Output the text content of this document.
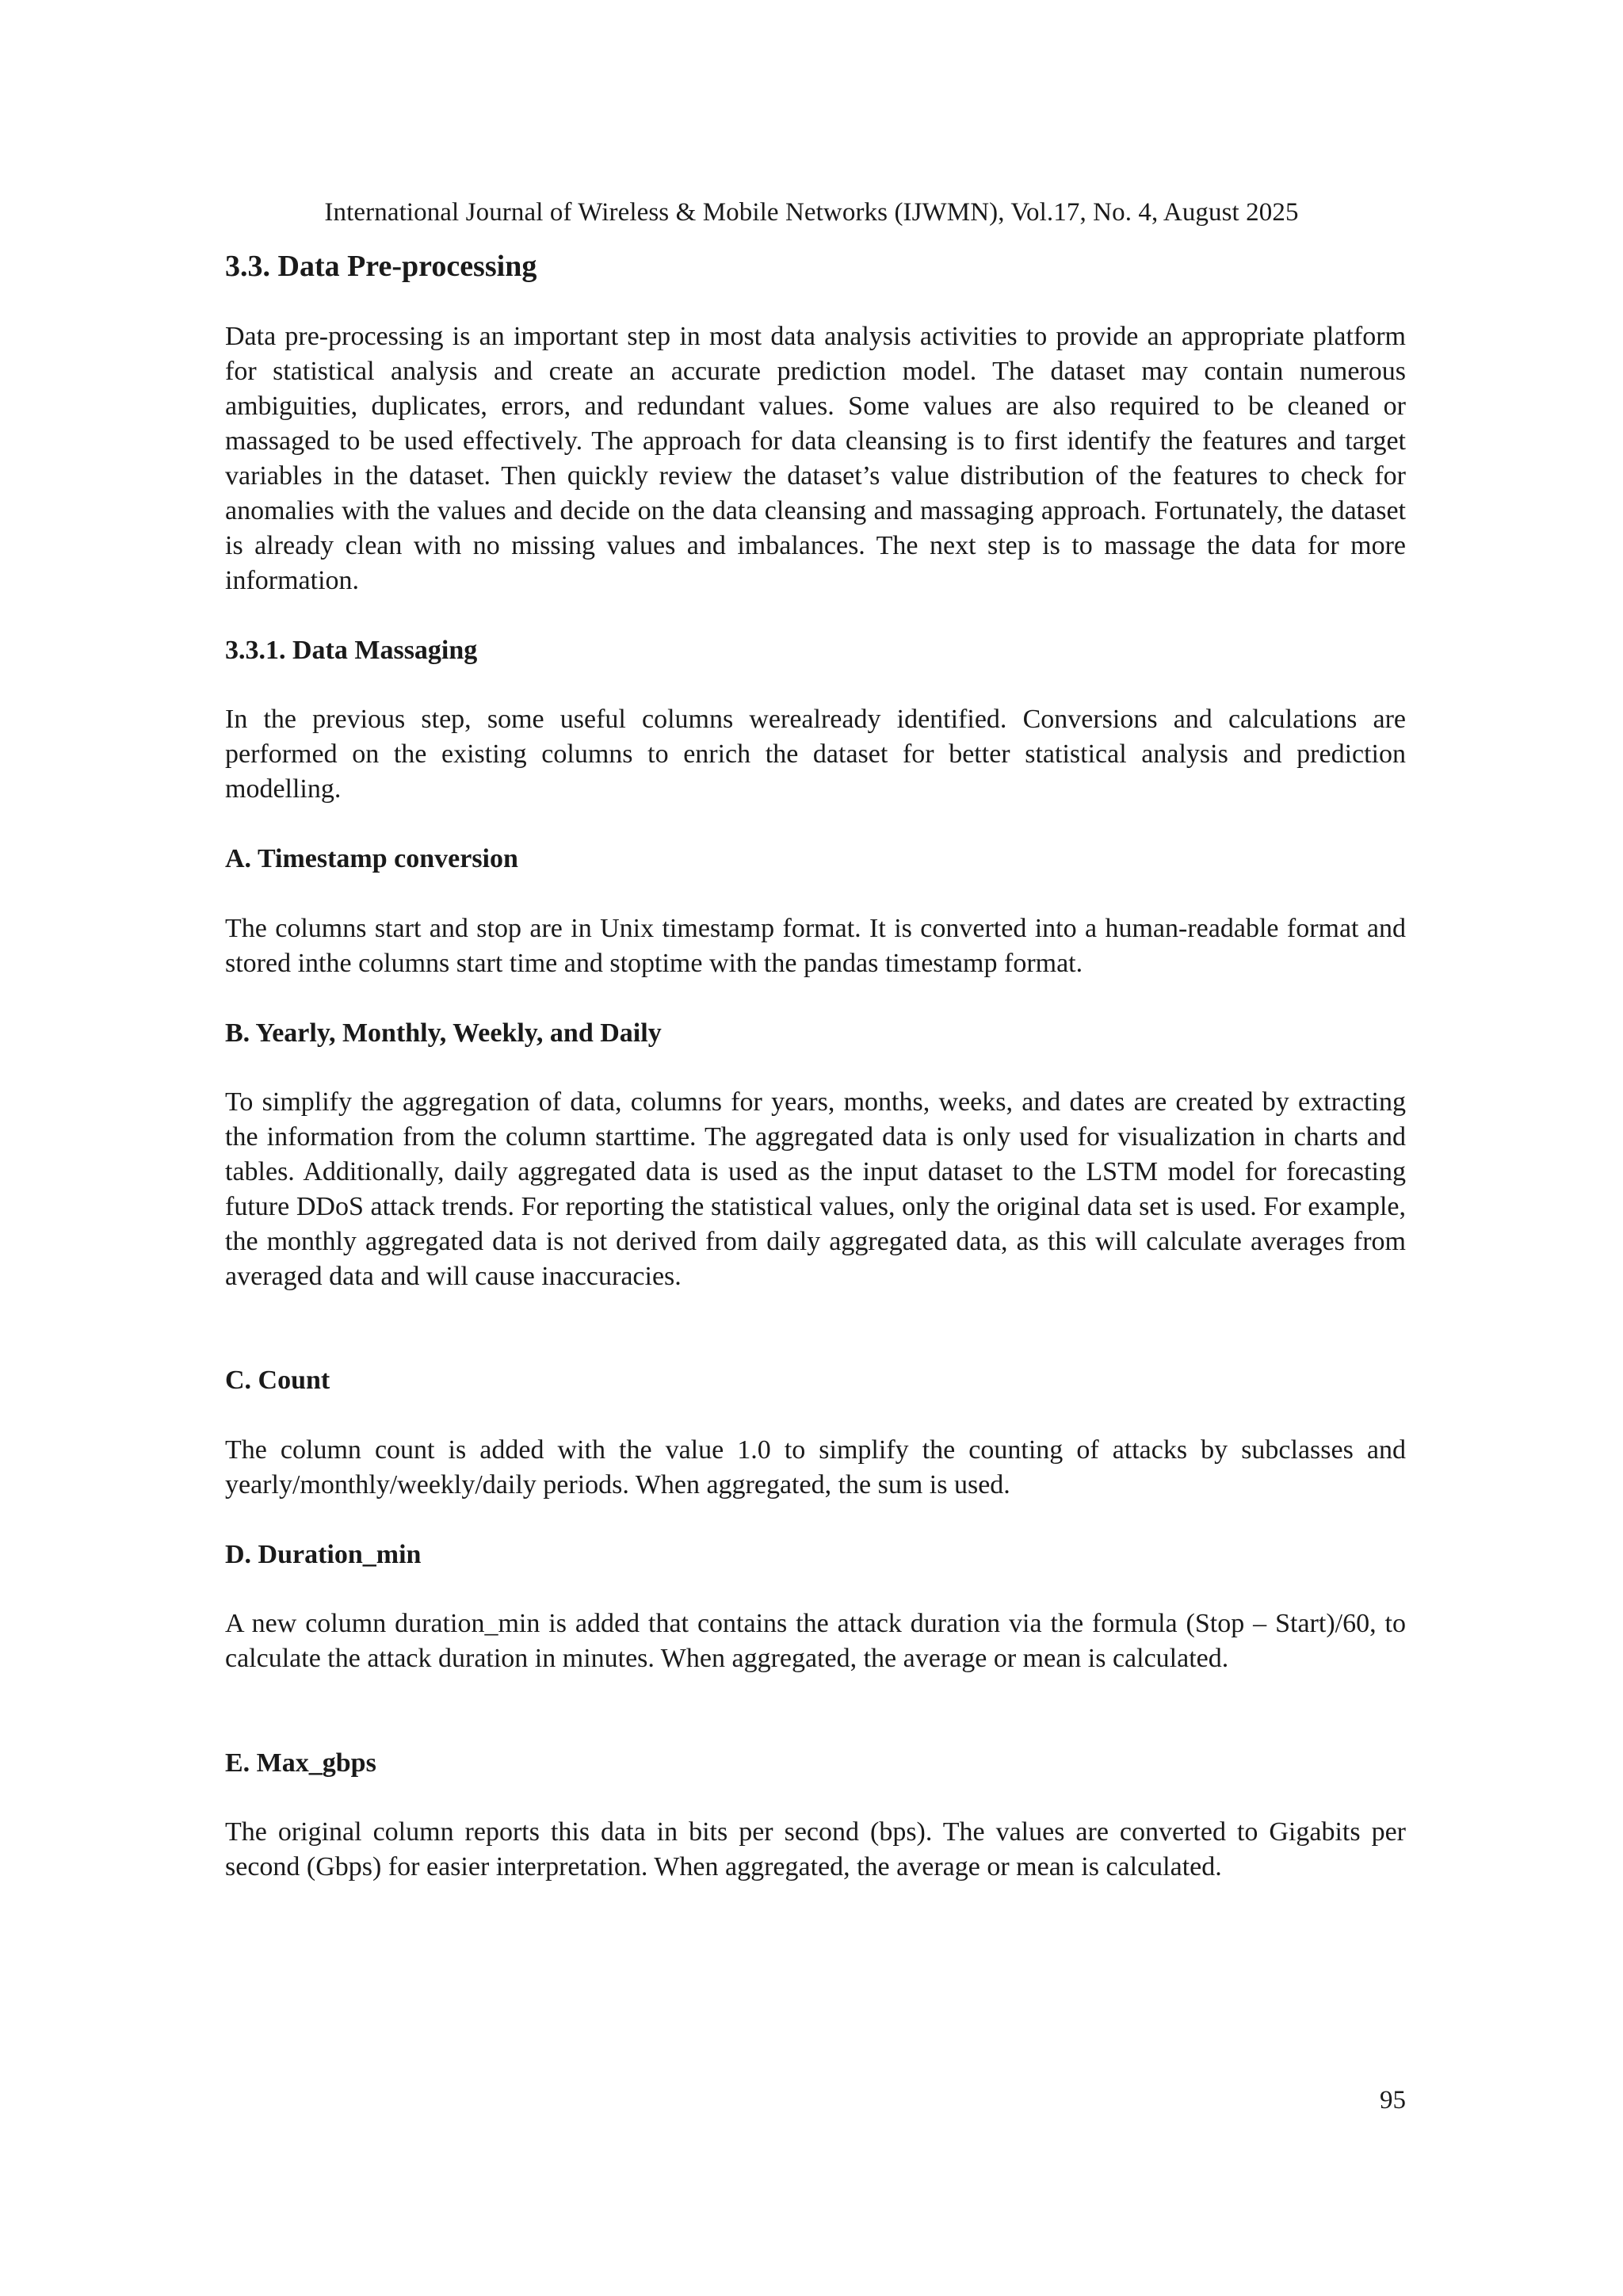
International Journal of Wireless & Mobile Networks (IJWMN), Vol.17, No. 4, August 2025
3.3. Data Pre-processing
Data pre-processing is an important step in most data analysis activities to provide an appropriate platform for statistical analysis and create an accurate prediction model. The dataset may contain numerous ambiguities, duplicates, errors, and redundant values. Some values are also required to be cleaned or massaged to be used effectively. The approach for data cleansing is to first identify the features and target variables in the dataset. Then quickly review the dataset’s value distribution of the features to check for anomalies with the values and decide on the data cleansing and massaging approach. Fortunately, the dataset is already clean with no missing values and imbalances. The next step is to massage the data for more information.
3.3.1. Data Massaging
In the previous step, some useful columns werealready identified. Conversions and calculations are performed on the existing columns to enrich the dataset for better statistical analysis and prediction modelling.
A. Timestamp conversion
The columns start and stop are in Unix timestamp format. It is converted into a human-readable format and stored inthe columns start time and stoptime with the pandas timestamp format.
B. Yearly, Monthly, Weekly, and Daily
To simplify the aggregation of data, columns for years, months, weeks, and dates are created by extracting the information from the column starttime. The aggregated data is only used for visualization in charts and tables. Additionally, daily aggregated data is used as the input dataset to the LSTM model for forecasting future DDoS attack trends. For reporting the statistical values, only the original data set is used. For example, the monthly aggregated data is not derived from daily aggregated data, as this will calculate averages from averaged data and will cause inaccuracies.
C. Count
The column count is added with the value 1.0 to simplify the counting of attacks by subclasses and yearly/monthly/weekly/daily periods. When aggregated, the sum is used.
D. Duration_min
A new column duration_min is added that contains the attack duration via the formula (Stop – Start)/60, to calculate the attack duration in minutes. When aggregated, the average or mean is calculated.
E. Max_gbps
The original column reports this data in bits per second (bps). The values are converted to Gigabits per second (Gbps) for easier interpretation. When aggregated, the average or mean is calculated.
95
